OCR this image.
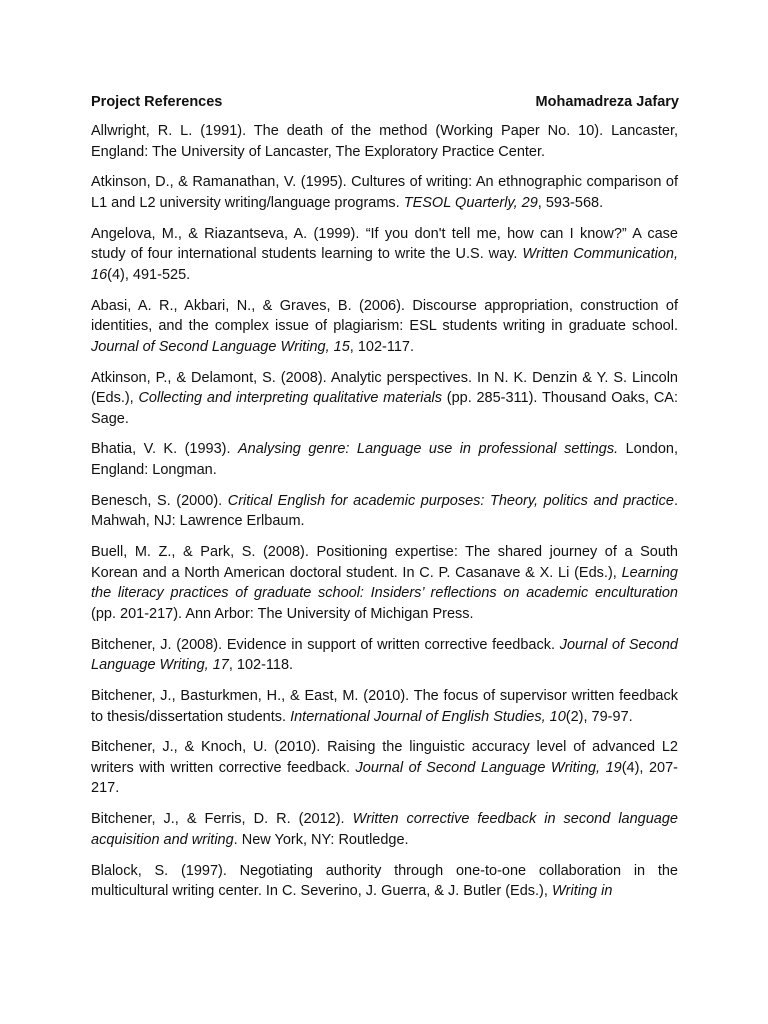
Project References	Mohamadreza Jafary

Allwright, R. L. (1991). The death of the method (Working Paper No. 10). Lancaster, England: The University of Lancaster, The Exploratory Practice Center.

Atkinson, D., & Ramanathan, V. (1995). Cultures of writing: An ethnographic comparison of L1 and L2 university writing/language programs. TESOL Quarterly, 29, 593-568.

Angelova, M., & Riazantseva, A. (1999). “If you don't tell me, how can I know?” A case study of four international students learning to write the U.S. way. Written Communication, 16(4), 491-525.

Abasi, A. R., Akbari, N., & Graves, B. (2006). Discourse appropriation, construction of identities, and the complex issue of plagiarism: ESL students writing in graduate school. Journal of Second Language Writing, 15, 102-117.

Atkinson, P., & Delamont, S. (2008). Analytic perspectives. In N. K. Denzin & Y. S. Lincoln (Eds.), Collecting and interpreting qualitative materials (pp. 285-311). Thousand Oaks, CA: Sage.

Bhatia, V. K. (1993). Analysing genre: Language use in professional settings. London, England: Longman.

Benesch, S. (2000). Critical English for academic purposes: Theory, politics and practice. Mahwah, NJ: Lawrence Erlbaum.

Buell, M. Z., & Park, S. (2008). Positioning expertise: The shared journey of a South Korean and a North American doctoral student. In C. P. Casanave & X. Li (Eds.), Learning the literacy practices of graduate school: Insiders’ reflections on academic enculturation (pp. 201-217). Ann Arbor: The University of Michigan Press.

Bitchener, J. (2008). Evidence in support of written corrective feedback. Journal of Second Language Writing, 17, 102-118.

Bitchener, J., Basturkmen, H., & East, M. (2010). The focus of supervisor written feedback to thesis/dissertation students. International Journal of English Studies, 10(2), 79-97.

Bitchener, J., & Knoch, U. (2010). Raising the linguistic accuracy level of advanced L2 writers with written corrective feedback. Journal of Second Language Writing, 19(4), 207-217.

Bitchener, J., & Ferris, D. R. (2012). Written corrective feedback in second language acquisition and writing. New York, NY: Routledge.

Blalock, S. (1997). Negotiating authority through one-to-one collaboration in the multicultural writing center. In C. Severino, J. Guerra, & J. Butler (Eds.), Writing in
